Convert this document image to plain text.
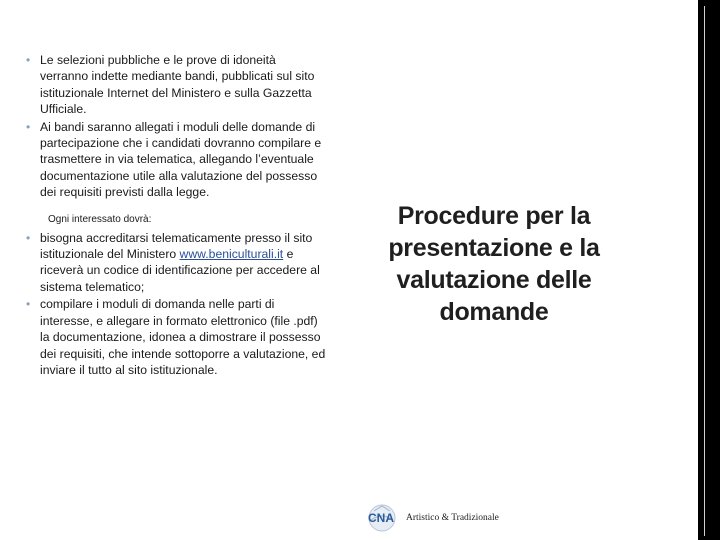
• Le selezioni pubbliche e le prove di idoneità verranno indette mediante bandi, pubblicati sul sito istituzionale Internet del Ministero e sulla Gazzetta Ufficiale.
• Ai bandi saranno allegati i moduli delle domande di partecipazione che i candidati dovranno compilare e trasmettere in via telematica, allegando l’eventuale documentazione utile alla valutazione del possesso dei requisiti previsti dalla legge.
Ogni interessato dovrà:
• bisogna accreditarsi telematicamente presso il sito istituzionale del Ministero www.beniculturali.it e riceverà un codice di identificazione per accedere al sistema telematico;
• compilare i moduli di domanda nelle parti di interesse, e allegare in formato elettronico (file .pdf) la documentazione, idonea a dimostrare il possesso dei requisiti, che intende sottoporre a valutazione, ed inviare il tutto al sito istituzionale.
Procedure per la presentazione e la valutazione delle domande
CNA Artistico & Tradizionale
